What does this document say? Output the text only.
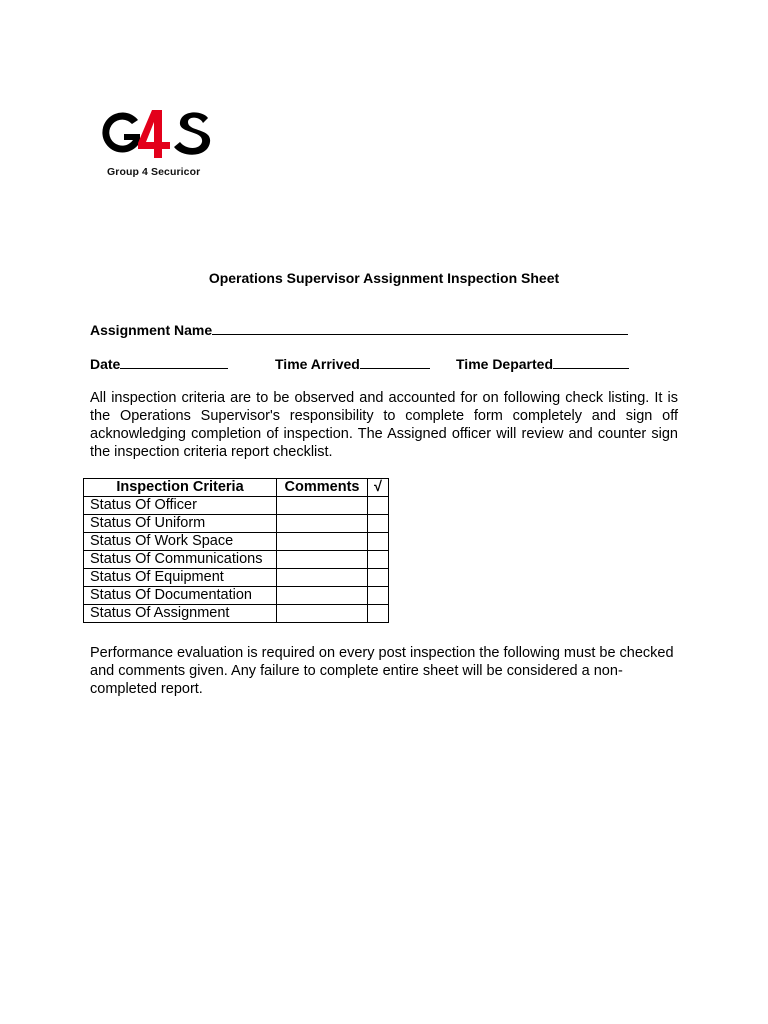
Group 4 Securicor
Operations Supervisor Assignment Inspection Sheet
Assignment Name
Date	Time Arrived	Time Departed
All inspection criteria are to be observed and accounted for on following check listing. It is the Operations Supervisor's responsibility to complete form completely and sign off acknowledging completion of inspection. The Assigned officer will review and counter sign the inspection criteria report checklist.
Inspection Criteria	Comments	√
Status Of Officer		
Status Of Uniform		
Status Of Work Space		
Status Of Communications		
Status Of Equipment		
Status Of Documentation		
Status Of Assignment		
Performance evaluation is required on every post inspection the following must be checked and comments given. Any failure to complete entire sheet will be considered a non-completed report.
